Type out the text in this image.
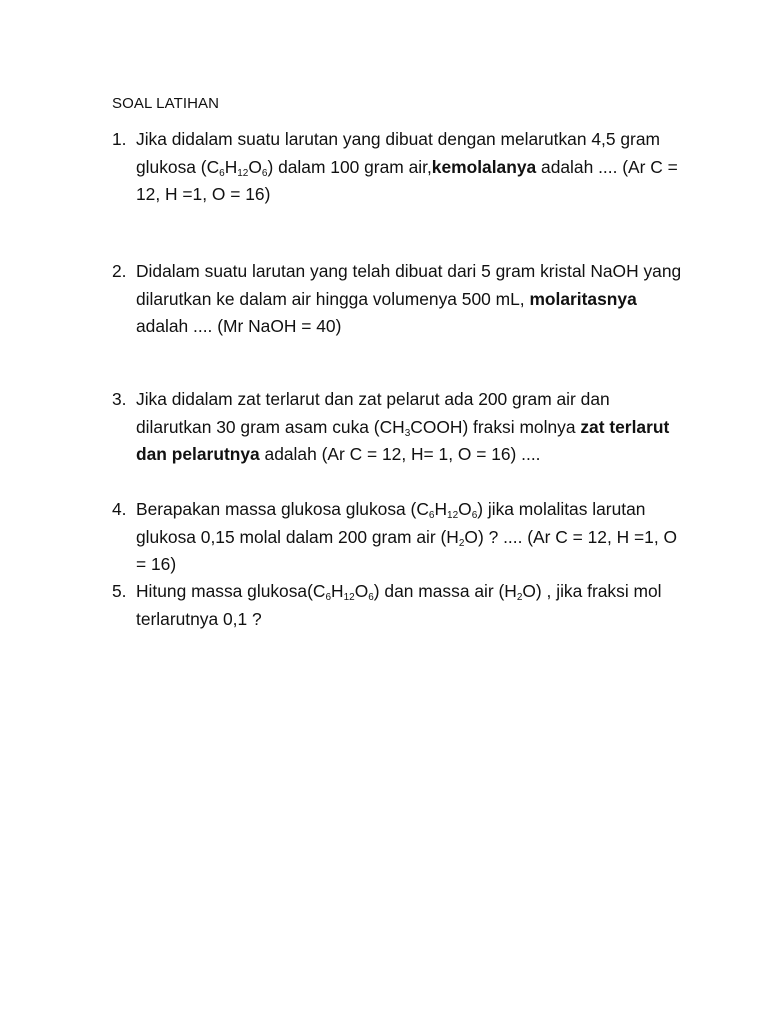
SOAL LATIHAN
1. Jika didalam suatu larutan yang dibuat dengan melarutkan 4,5 gram glukosa $(C_6H_{12}O_6)$ dalam 100 gram air,kemolalanya adalah .... (Ar C = 12, H =1, O = 16)
2. Didalam suatu larutan yang telah dibuat dari 5 gram kristal NaOH yang dilarutkan ke dalam air hingga volumenya 500 mL, molaritasnya adalah .... (Mr NaOH = 40)
3. Jika didalam zat terlarut dan zat pelarut ada 200 gram air dan dilarutkan 30 gram asam cuka $(CH_3COOH)$ fraksi molnya zat terlarut dan pelarutnya adalah (Ar C = 12, H= 1, O = 16) ....
4. Berapakan massa glukosa glukosa $(C_6H_{12}O_6)$ jika molalitas larutan glukosa 0,15 molal dalam 200 gram air $(H_2O)$ ? .... (Ar C = 12, H =1, O = 16)
5. Hitung massa $glukosa(C_6H_{12}O_6)$ dan massa air $(H_2O)$ , jika fraksi mol terlarutnya 0,1 ?
